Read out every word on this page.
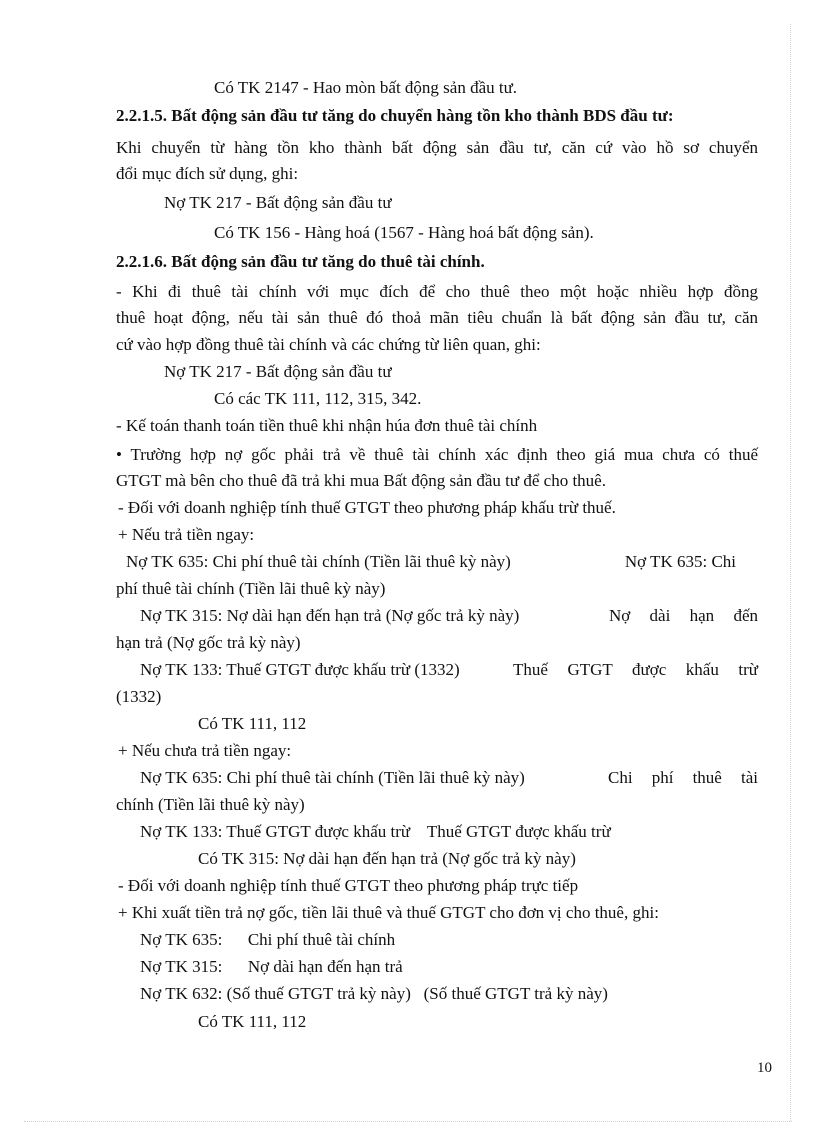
Có TK 2147 - Hao mòn bất động sản đầu tư.
2.2.1.5. Bất động sản đầu tư tăng do chuyển hàng tồn kho thành BDS đầu tư:
Khi chuyển từ hàng tồn kho thành bất động sản đầu tư, căn cứ vào hồ sơ chuyển
đổi mục đích sử dụng, ghi:
Nợ TK 217 - Bất động sản đầu tư
Có TK 156 - Hàng hoá (1567 - Hàng hoá bất động sản).
2.2.1.6. Bất động sản đầu tư tăng do thuê tài chính.
- Khi đi thuê tài chính với mục đích để cho thuê theo một hoặc nhiều hợp đồng
thuê hoạt động, nếu tài sản thuê đó thoả mãn tiêu chuẩn là bất động sản đầu tư, căn
cứ vào hợp đồng thuê tài chính và các chứng từ liên quan, ghi:
Nợ TK 217 - Bất động sản đầu tư
Có các TK 111, 112, 315, 342.
- Kế toán thanh toán tiền thuê khi nhận húa đơn thuê tài chính
• Trường hợp nợ gốc phải trả về thuê tài chính xác định theo giá mua chưa có thuế
GTGT mà bên cho thuê đã trả khi mua Bất động sản đầu tư để cho thuê.
- Đối với doanh nghiệp tính thuế GTGT theo phương pháp khấu trừ thuế.
+ Nếu trả tiền ngay:
Nợ TK 635: Chi phí thuê tài chính (Tiền lãi thuê kỳ này)	Nợ TK 635: Chi
phí thuê tài chính (Tiền lãi thuê kỳ này)
Nợ TK 315: Nợ dài hạn đến hạn trả (Nợ gốc trả kỳ này)	Nợ dài hạn đến
hạn trả (Nợ gốc trả kỳ này)
Nợ TK 133: Thuế GTGT được khấu trừ (1332)	Thuế GTGT được khấu trừ
(1332)
Có TK 111, 112
+ Nếu chưa trả tiền ngay:
Nợ TK 635: Chi phí thuê tài chính (Tiền lãi thuê kỳ này)	Chi phí thuê tài
chính (Tiền lãi thuê kỳ này)
Nợ TK 133: Thuế GTGT được khấu trừ    Thuế GTGT được khấu trừ
Có TK 315: Nợ dài hạn đến hạn trả (Nợ gốc trả kỳ này)
- Đối với doanh nghiệp tính thuế GTGT theo phương pháp trực tiếp
+ Khi xuất tiền trả nợ gốc, tiền lãi thuê và thuế GTGT cho đơn vị cho thuê, ghi:
Nợ TK 635:      Chi phí thuê tài chính
Nợ TK 315:      Nợ dài hạn đến hạn trả
Nợ TK 632: (Số thuế GTGT trả kỳ này)   (Số thuế GTGT trả kỳ này)
Có TK 111, 112
10
